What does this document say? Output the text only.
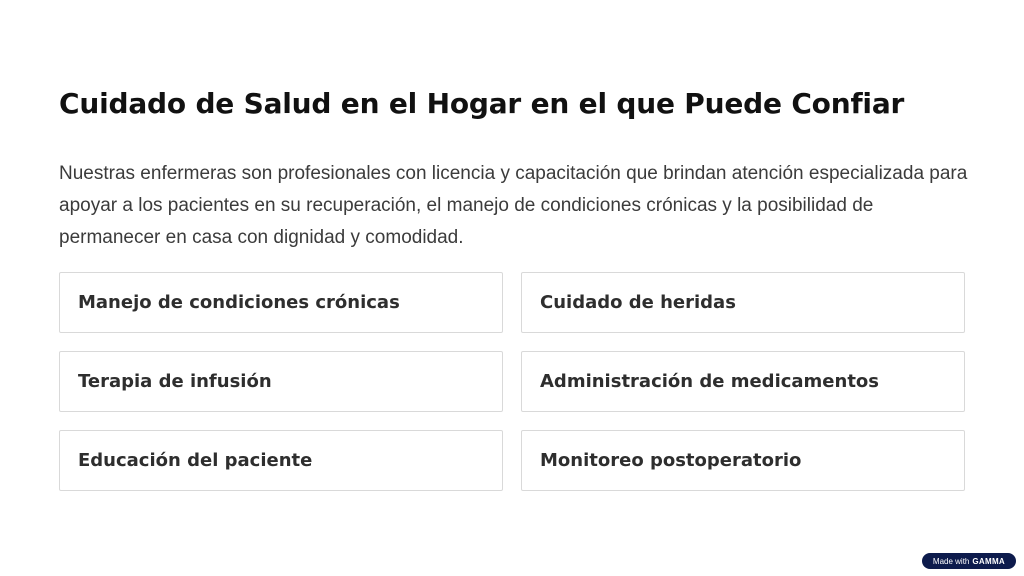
Cuidado de Salud en el Hogar en el que Puede Confiar

Nuestras enfermeras son profesionales con licencia y capacitación que brindan atención especializada para apoyar a los pacientes en su recuperación, el manejo de condiciones crónicas y la posibilidad de permanecer en casa con dignidad y comodidad.

Manejo de condiciones crónicas	Cuidado de heridas
Terapia de infusión	Administración de medicamentos
Educación del paciente	Monitoreo postoperatorio
Made with GAMMA
